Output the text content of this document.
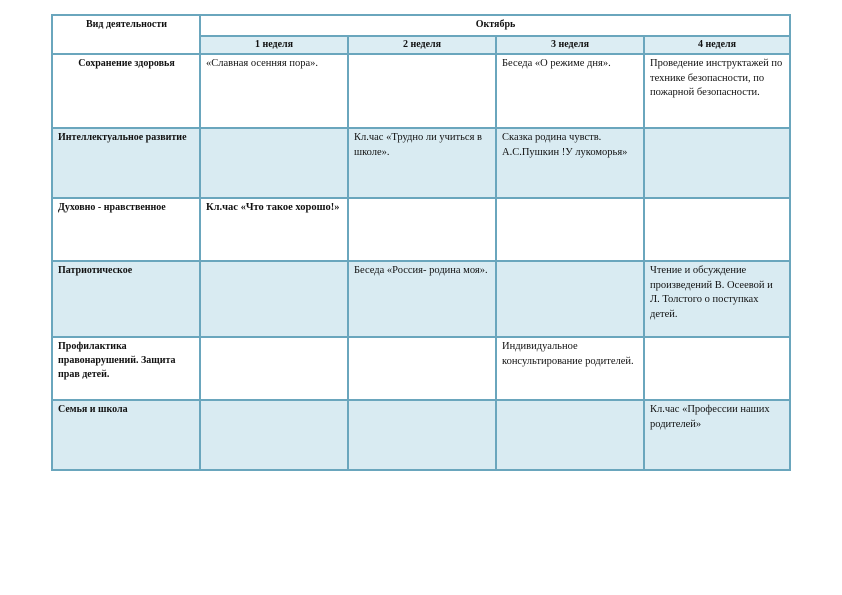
Вид деятельности	Октябрь			
	1 неделя	2 неделя	3 неделя	4 неделя
Сохранение здоровья	«Славная осенняя пора».		Беседа «О режиме дня».	Проведение инструктажей по технике безопасности, по пожарной безопасности.
Интеллектуальное развитие		Кл.час «Трудно ли учиться в школе».	Сказка родина чувств. А.С.Пушкин !У лукоморья»	
Духовно - нравственное	Кл.час «Что такое хорошо!»			
Патриотическое		Беседа «Россия- родина моя».		Чтение и обсуждение произведений В. Осеевой и Л. Толстого о поступках детей.
Профилактика правонарушений. Защита прав детей.			Индивидуальное консультирование родителей.	
Семья и школа				Кл.час «Профессии наших родителей»
